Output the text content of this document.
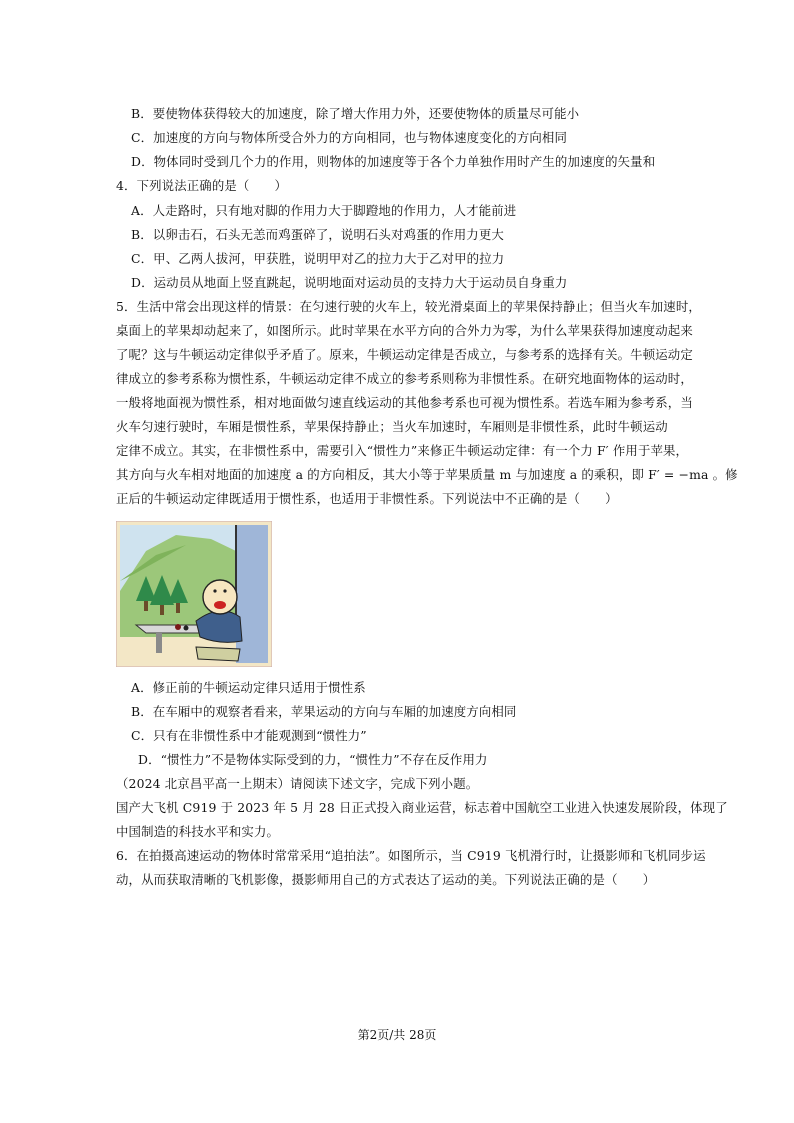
B．要使物体获得较大的加速度，除了增大作用力外，还要使物体的质量尽可能小
C．加速度的方向与物体所受合外力的方向相同，也与物体速度变化的方向相同
D．物体同时受到几个力的作用，则物体的加速度等于各个力单独作用时产生的加速度的矢量和
4．下列说法正确的是（　　）
A．人走路时，只有地对脚的作用力大于脚蹬地的作用力，人才能前进
B．以卵击石，石头无恙而鸡蛋碎了，说明石头对鸡蛋的作用力更大
C．甲、乙两人拔河，甲获胜，说明甲对乙的拉力大于乙对甲的拉力
D．运动员从地面上竖直跳起，说明地面对运动员的支持力大于运动员自身重力
5．生活中常会出现这样的情景：在匀速行驶的火车上，较光滑桌面上的苹果保持静止；但当火车加速时，
桌面上的苹果却动起来了，如图所示。此时苹果在水平方向的合外力为零，为什么苹果获得加速度动起来
了呢？这与牛顿运动定律似乎矛盾了。原来，牛顿运动定律是否成立，与参考系的选择有关。牛顿运动定
律成立的参考系称为惯性系，牛顿运动定律不成立的参考系则称为非惯性系。在研究地面物体的运动时，
一般将地面视为惯性系，相对地面做匀速直线运动的其他参考系也可视为惯性系。若选车厢为参考系，当
火车匀速行驶时，车厢是惯性系，苹果保持静止；当火车加速时，车厢则是非惯性系，此时牛顿运动
定律不成立。其实，在非惯性系中，需要引入“惯性力”来修正牛顿运动定律：有一个力 F′ 作用于苹果，
其方向与火车相对地面的加速度 a 的方向相反，其大小等于苹果质量 m 与加速度 a 的乘积，即 F′ = −ma 。修
正后的牛顿运动定律既适用于惯性系，也适用于非惯性系。下列说法中不正确的是（　　）
A．修正前的牛顿运动定律只适用于惯性系
B．在车厢中的观察者看来，苹果运动的方向与车厢的加速度方向相同
C．只有在非惯性系中才能观测到“惯性力”
D．“惯性力”不是物体实际受到的力，“惯性力”不存在反作用力
（2024 北京昌平高一上期末）请阅读下述文字，完成下列小题。
国产大飞机 C919 于 2023 年 5 月 28 日正式投入商业运营，标志着中国航空工业进入快速发展阶段，体现了
中国制造的科技水平和实力。
6．在拍摄高速运动的物体时常常采用“追拍法”。如图所示，当 C919 飞机滑行时，让摄影师和飞机同步运
动，从而获取清晰的飞机影像，摄影师用自己的方式表达了运动的美。下列说法正确的是（　　）
第2页/共 28页
